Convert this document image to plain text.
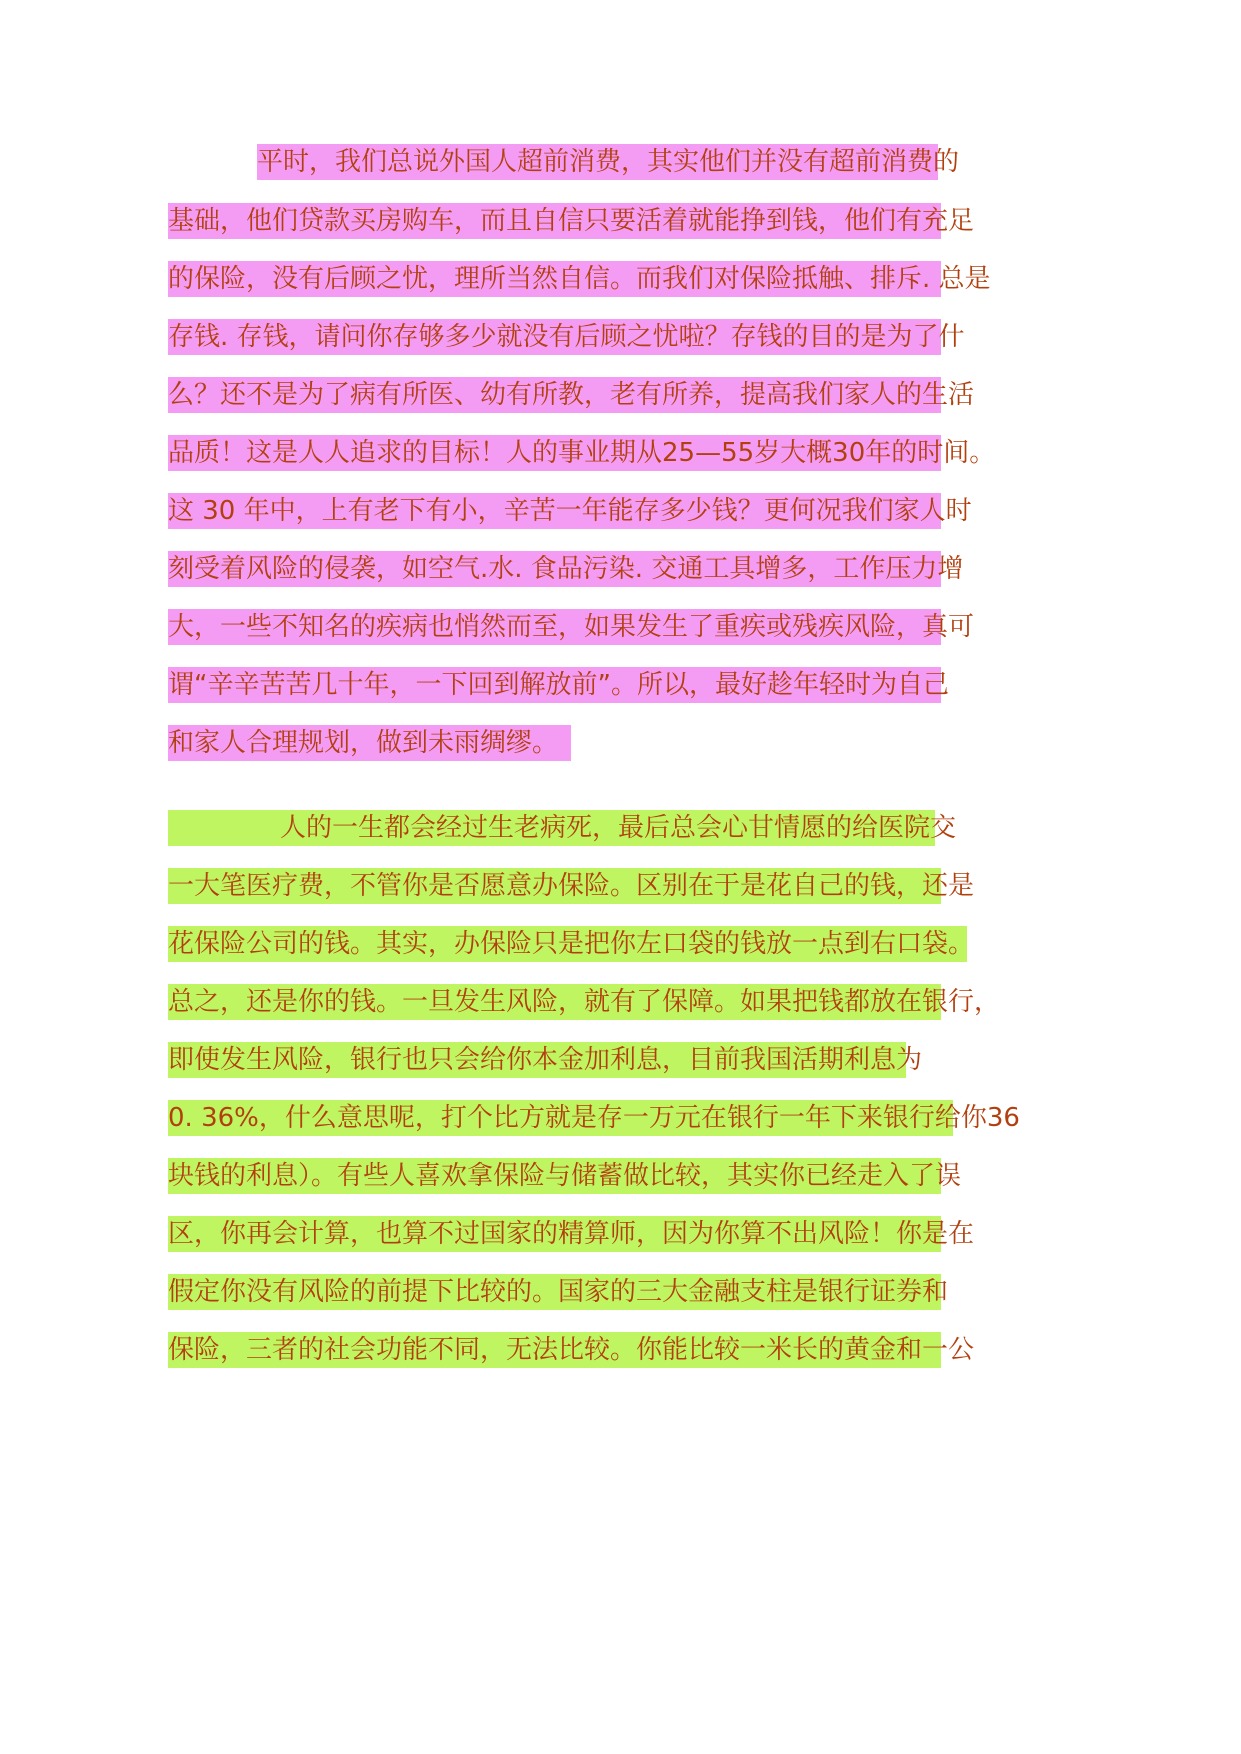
平时，我们总说外国人超前消费，其实他们并没有超前消费的
基础，他们贷款买房购车，而且自信只要活着就能挣到钱，他们有充足
的保险，没有后顾之忧，理所当然自信。而我们对保险抵触、排斥. 总是
存钱. 存钱，请问你存够多少就没有后顾之忧啦？存钱的目的是为了什
么？还不是为了病有所医、幼有所教，老有所养，提高我们家人的生活
品质！这是人人追求的目标！人的事业期从25—55岁大概30年的时间。
这 30 年中，上有老下有小，辛苦一年能存多少钱？更何况我们家人时
刻受着风险的侵袭，如空气.水. 食品污染. 交通工具增多，工作压力增
大，一些不知名的疾病也悄然而至，如果发生了重疾或残疾风险，真可
谓“辛辛苦苦几十年，一下回到解放前”。所以，最好趁年轻时为自己
和家人合理规划，做到未雨绸缪。
人的一生都会经过生老病死，最后总会心甘情愿的给医院交
一大笔医疗费，不管你是否愿意办保险。区别在于是花自己的钱，还是
花保险公司的钱。其实，办保险只是把你左口袋的钱放一点到右口袋。
总之，还是你的钱。一旦发生风险，就有了保障。如果把钱都放在银行，
即使发生风险，银行也只会给你本金加利息，目前我国活期利息为
0. 36%，什么意思呢，打个比方就是存一万元在银行一年下来银行给你36
块钱的利息）。有些人喜欢拿保险与储蓄做比较，其实你已经走入了误
区，你再会计算，也算不过国家的精算师，因为你算不出风险！你是在
假定你没有风险的前提下比较的。国家的三大金融支柱是银行证券和
保险，三者的社会功能不同，无法比较。你能比较一米长的黄金和一公
